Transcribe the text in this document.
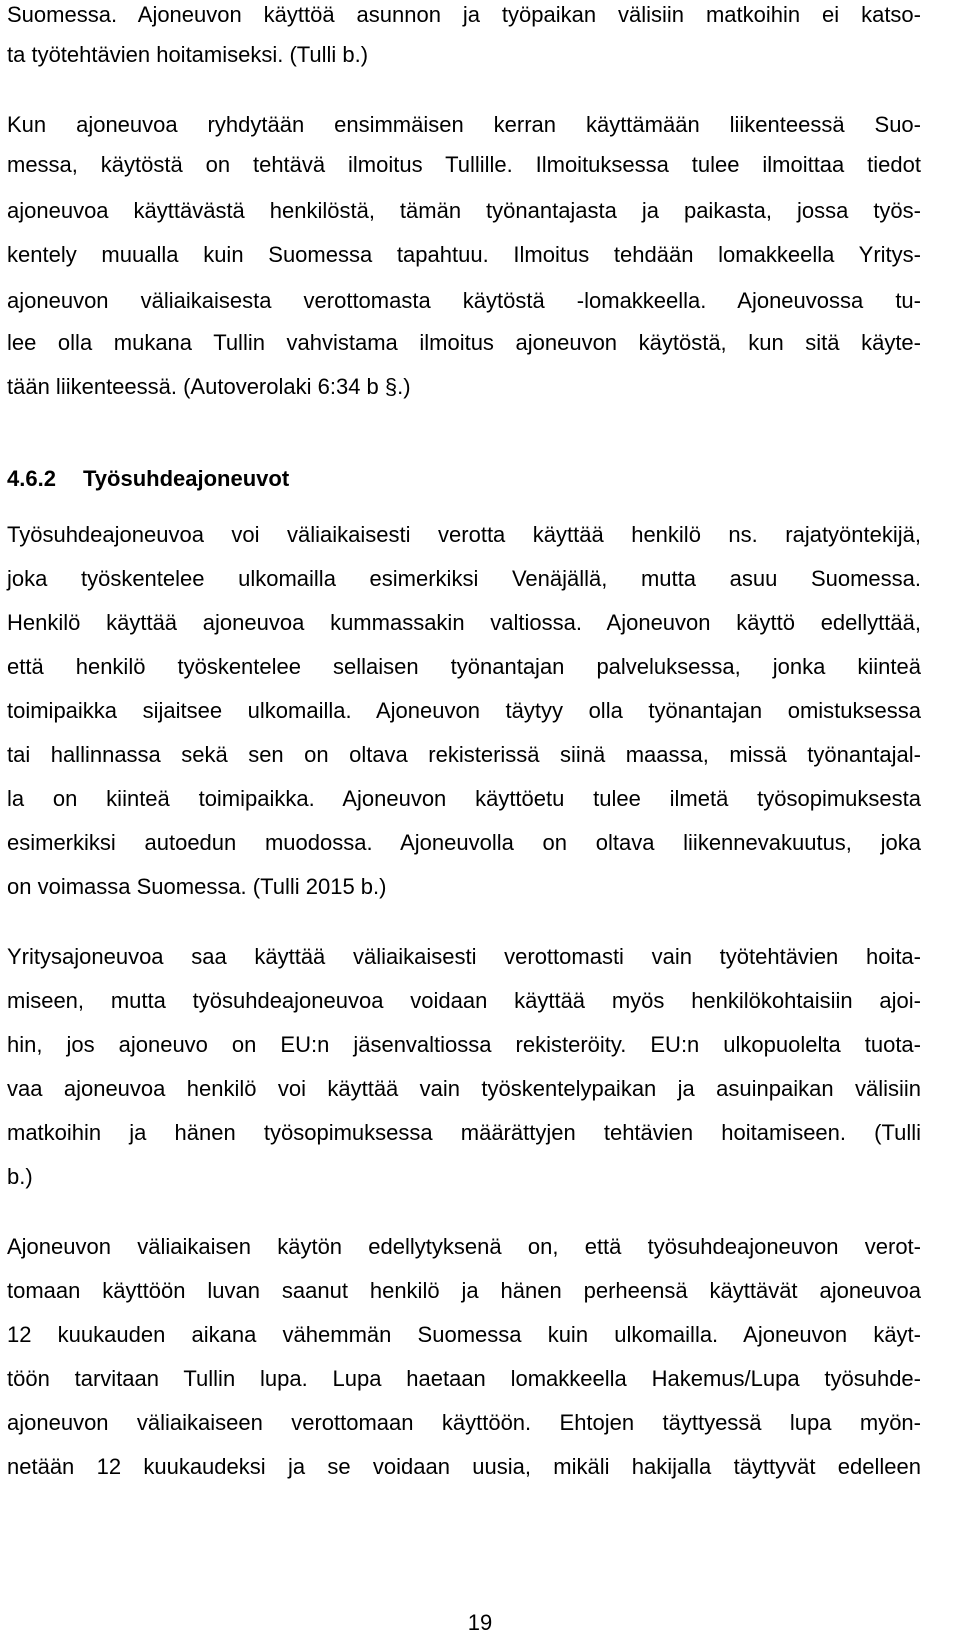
Suomessa. Ajoneuvon käyttöä asunnon ja työpaikan välisiin matkoihin ei katso-
ta työtehtävien hoitamiseksi. (Tulli b.)
Kun ajoneuvoa ryhdytään ensimmäisen kerran käyttämään liikenteessä Suo-
messa, käytöstä on tehtävä ilmoitus Tullille. Ilmoituksessa tulee ilmoittaa tiedot
ajoneuvoa käyttävästä henkilöstä, tämän työnantajasta ja paikasta, jossa työs-
kentely muualla kuin Suomessa tapahtuu. Ilmoitus tehdään lomakkeella Yritys-
ajoneuvon väliaikaisesta verottomasta käytöstä -lomakkeella. Ajoneuvossa tu-
lee olla mukana Tullin vahvistama ilmoitus ajoneuvon käytöstä, kun sitä käyte-
tään liikenteessä. (Autoverolaki 6:34 b §.)
4.6.2 Työsuhdeajoneuvot
Työsuhdeajoneuvoa voi väliaikaisesti verotta käyttää henkilö ns. rajatyöntekijä,
joka työskentelee ulkomailla esimerkiksi Venäjällä, mutta asuu Suomessa.
Henkilö käyttää ajoneuvoa kummassakin valtiossa. Ajoneuvon käyttö edellyttää,
että henkilö työskentelee sellaisen työnantajan palveluksessa, jonka kiinteä
toimipaikka sijaitsee ulkomailla. Ajoneuvon täytyy olla työnantajan omistuksessa
tai hallinnassa sekä sen on oltava rekisterissä siinä maassa, missä työnantajal-
la on kiinteä toimipaikka. Ajoneuvon käyttöetu tulee ilmetä työsopimuksesta
esimerkiksi autoedun muodossa. Ajoneuvolla on oltava liikennevakuutus, joka
on voimassa Suomessa. (Tulli 2015 b.)
Yritysajoneuvoa saa käyttää väliaikaisesti verottomasti vain työtehtävien hoita-
miseen, mutta työsuhdeajoneuvoa voidaan käyttää myös henkilökohtaisiin ajoi-
hin, jos ajoneuvo on EU:n jäsenvaltiossa rekisteröity. EU:n ulkopuolelta tuota-
vaa ajoneuvoa henkilö voi käyttää vain työskentelypaikan ja asuinpaikan välisiin
matkoihin ja hänen työsopimuksessa määrättyjen tehtävien hoitamiseen. (Tulli
b.)
Ajoneuvon väliaikaisen käytön edellytyksenä on, että työsuhdeajoneuvon verot-
tomaan käyttöön luvan saanut henkilö ja hänen perheensä käyttävät ajoneuvoa
12 kuukauden aikana vähemmän Suomessa kuin ulkomailla. Ajoneuvon käyt-
töön tarvitaan Tullin lupa. Lupa haetaan lomakkeella Hakemus/Lupa työsuhde-
ajoneuvon väliaikaiseen verottomaan käyttöön. Ehtojen täyttyessä lupa myön-
netään 12 kuukaudeksi ja se voidaan uusia, mikäli hakijalla täyttyvät edelleen
19
